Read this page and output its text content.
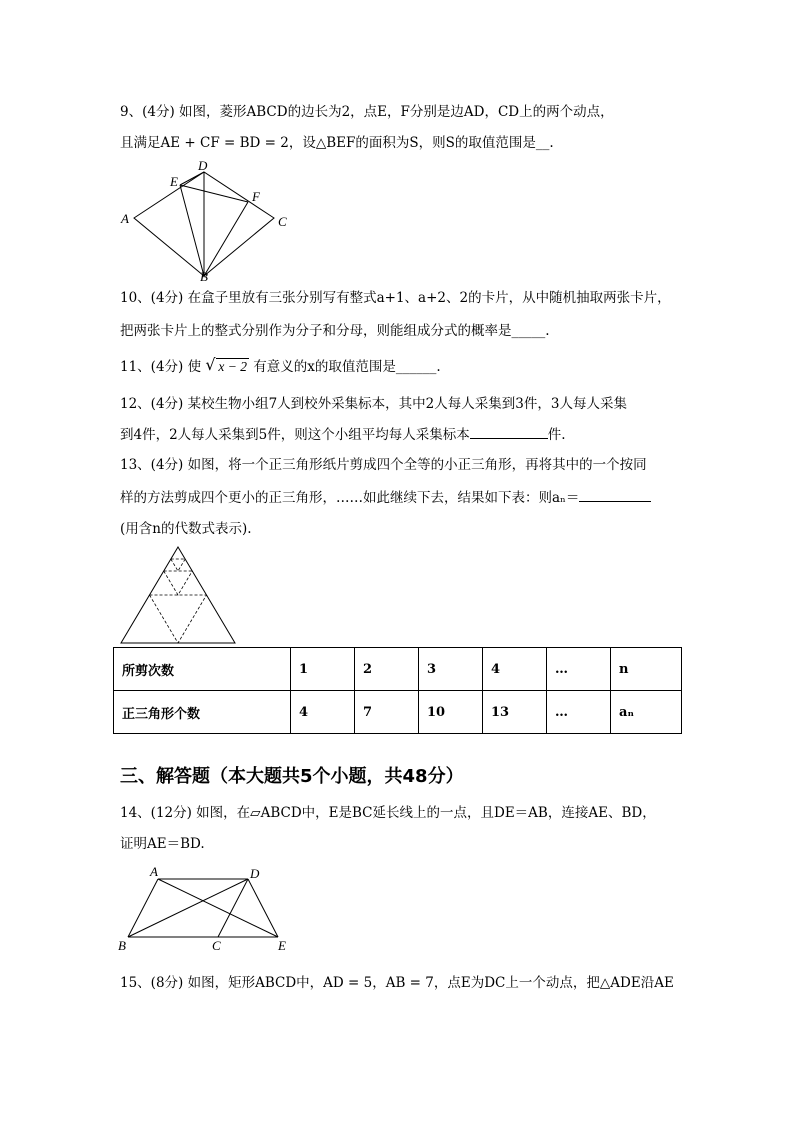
9、(4分) 如图，菱形ABCD的边长为2，点E，F分别是边AD，CD上的两个动点，
且满足AE + CF = BD = 2，设△BEF的面积为S，则S的取值范围是__.
A
B
C
D
E
F
10、(4分) 在盒子里放有三张分别写有整式a+1、a+2、2的卡片，从中随机抽取两张卡片，
把两张卡片上的整式分别作为分子和分母，则能组成分式的概率是_____.
11、(4分) 使 √ x − 2 有意义的x的取值范围是______.
12、(4分) 某校生物小组7人到校外采集标本，其中2人每人采集到3件，3人每人采集
到4件，2人每人采集到5件，则这个小组平均每人采集标本	件.
13、(4分) 如图，将一个正三角形纸片剪成四个全等的小正三角形，再将其中的一个按同
样的方法剪成四个更小的正三角形，……如此继续下去，结果如下表：则aₙ＝
(用含n的代数式表示).
所剪次数	1	2	3	4	…	n
正三角形个数	4	7	10	13	…	aₙ
三、解答题（本大题共5个小题，共48分）
14、(12分) 如图，在▱ABCD中，E是BC延长线上的一点，且DE＝AB，连接AE、BD，
证明AE＝BD.
A	D
B	C	E
15、(8分) 如图，矩形ABCD中，AD = 5，AB = 7，点E为DC上一个动点，把△ADE沿AE
